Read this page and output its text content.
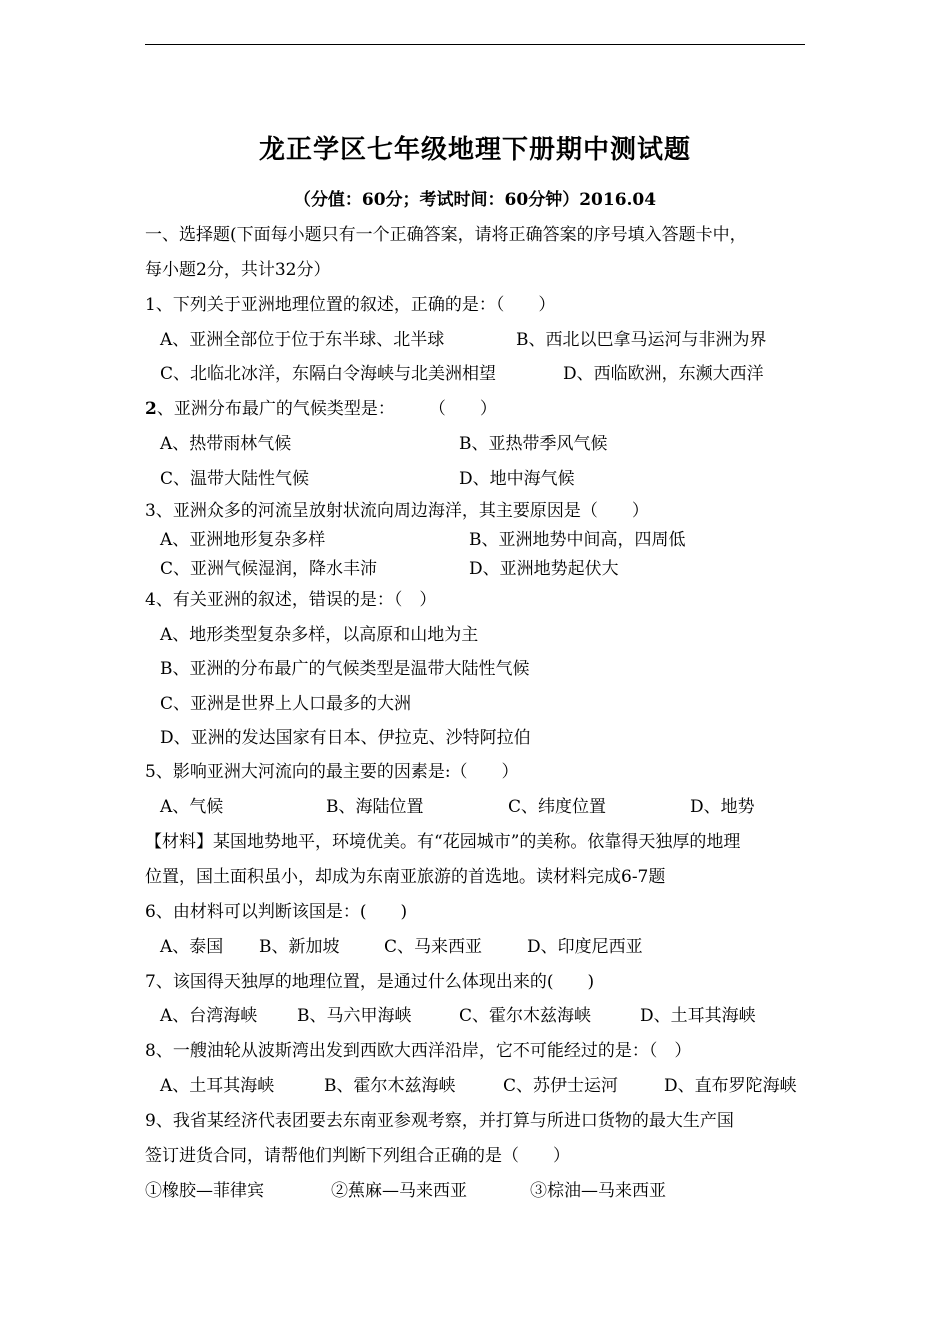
龙正学区七年级地理下册期中测试题
（分值：60分；考试时间：60分钟）2016.04
一、选择题(下面每小题只有一个正确答案，请将正确答案的序号填入答题卡中，
每小题2分，共计32分）
1、下列关于亚洲地理位置的叙述，正确的是：（　　）
A、亚洲全部位于位于东半球、北半球	B、西北以巴拿马运河与非洲为界
C、北临北冰洋，东隔白令海峡与北美洲相望	D、西临欧洲，东濒大西洋
2、亚洲分布最广的气候类型是：　　　（　　）
A、热带雨林气候	B、亚热带季风气候
C、温带大陆性气候	D、地中海气候
3、亚洲众多的河流呈放射状流向周边海洋，其主要原因是（　　）
A、亚洲地形复杂多样	B、亚洲地势中间高，四周低
C、亚洲气候湿润，降水丰沛	D、亚洲地势起伏大
4、有关亚洲的叙述，错误的是：（　）
A、地形类型复杂多样，以高原和山地为主
B、亚洲的分布最广的气候类型是温带大陆性气候
C、亚洲是世界上人口最多的大洲
D、亚洲的发达国家有日本、伊拉克、沙特阿拉伯
5、影响亚洲大河流向的最主要的因素是:（　　）
A、气候	B、海陆位置	C、纬度位置	D、地势
【材料】某国地势地平，环境优美。有“花园城市”的美称。依靠得天独厚的地理
位置，国土面积虽小，却成为东南亚旅游的首选地。读材料完成6-7题
6、由材料可以判断该国是：(　　)
A、泰国 B、新加坡	C、马来西亚	D、印度尼西亚
7、该国得天独厚的地理位置，是通过什么体现出来的(　　)
A、台湾海峡 B、马六甲海峡	C、霍尔木兹海峡	D、土耳其海峡
8、一艘油轮从波斯湾出发到西欧大西洋沿岸，它不可能经过的是：（　）
A、土耳其海峡	B、霍尔木兹海峡	C、苏伊士运河	D、直布罗陀海峡
9、我省某经济代表团要去东南亚参观考察，并打算与所进口货物的最大生产国
签订进货合同，请帮他们判断下列组合正确的是（　　）
①橡胶—菲律宾	②蕉麻—马来西亚	③棕油—马来西亚
